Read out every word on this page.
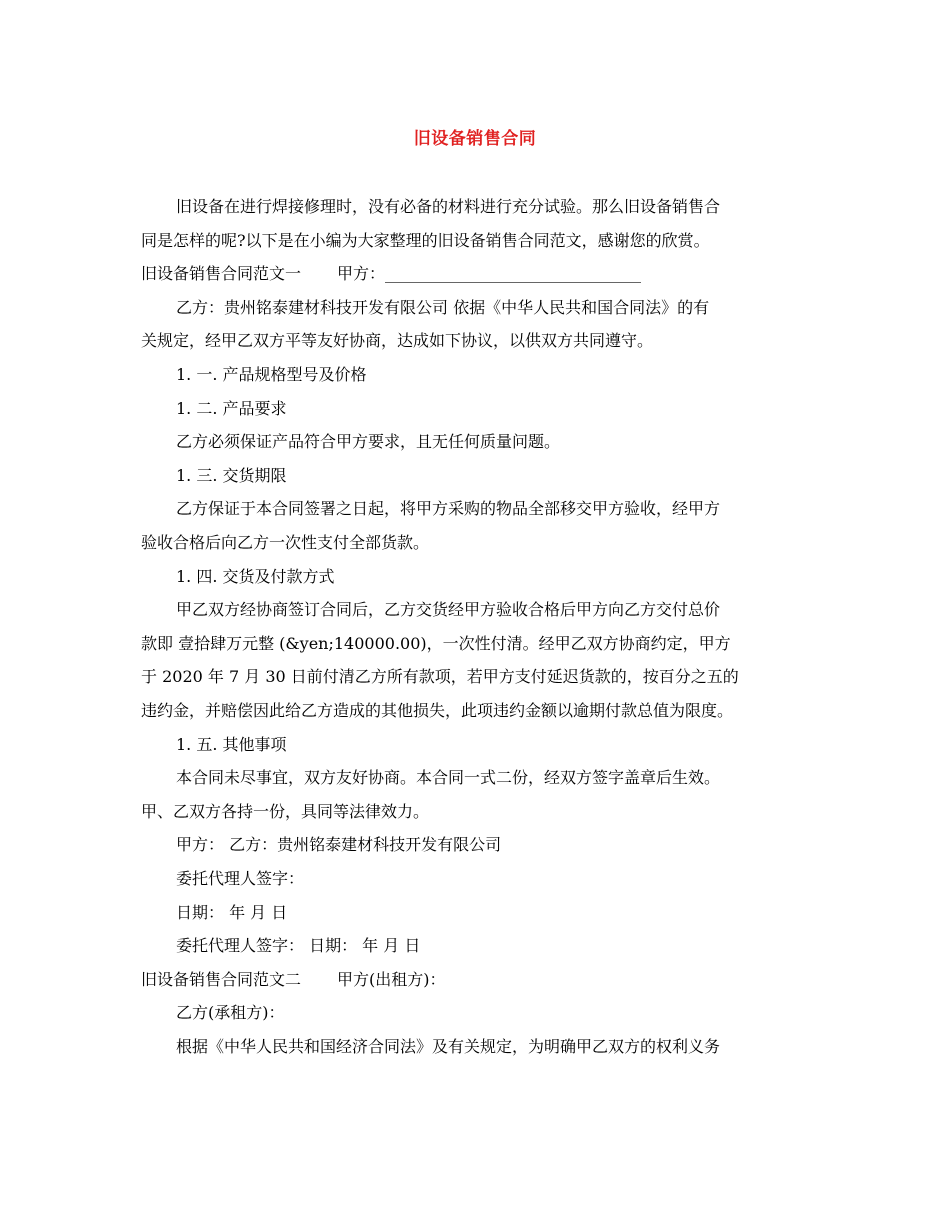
旧设备销售合同
旧设备在进行焊接修理时，没有必备的材料进行充分试验。那么旧设备销售合
同是怎样的呢?以下是在小编为大家整理的旧设备销售合同范文，感谢您的欣赏。
旧设备销售合同范文一 甲方：________________________________
乙方：贵州铭泰建材科技开发有限公司 依据《中华人民共和国合同法》的有
关规定，经甲乙双方平等友好协商，达成如下协议，以供双方共同遵守。
1. 一. 产品规格型号及价格
1. 二. 产品要求
乙方必须保证产品符合甲方要求，且无任何质量问题。
1. 三. 交货期限
乙方保证于本合同签署之日起，将甲方采购的物品全部移交甲方验收，经甲方
验收合格后向乙方一次性支付全部货款。
1. 四. 交货及付款方式
甲乙双方经协商签订合同后，乙方交货经甲方验收合格后甲方向乙方交付总价
款即 壹拾肆万元整 (&yen;140000.00)，一次性付清。经甲乙双方协商约定，甲方
于 2020 年 7 月 30 日前付清乙方所有款项，若甲方支付延迟货款的，按百分之五的
违约金，并赔偿因此给乙方造成的其他损失，此项违约金额以逾期付款总值为限度。
1. 五. 其他事项
本合同未尽事宜，双方友好协商。本合同一式二份，经双方签字盖章后生效。
甲、乙双方各持一份，具同等法律效力。
甲方： 乙方：贵州铭泰建材科技开发有限公司
委托代理人签字：
日期： 年 月 日
委托代理人签字： 日期： 年 月 日
旧设备销售合同范文二 甲方(出租方)：
乙方(承租方)：
根据《中华人民共和国经济合同法》及有关规定，为明确甲乙双方的权利义务
